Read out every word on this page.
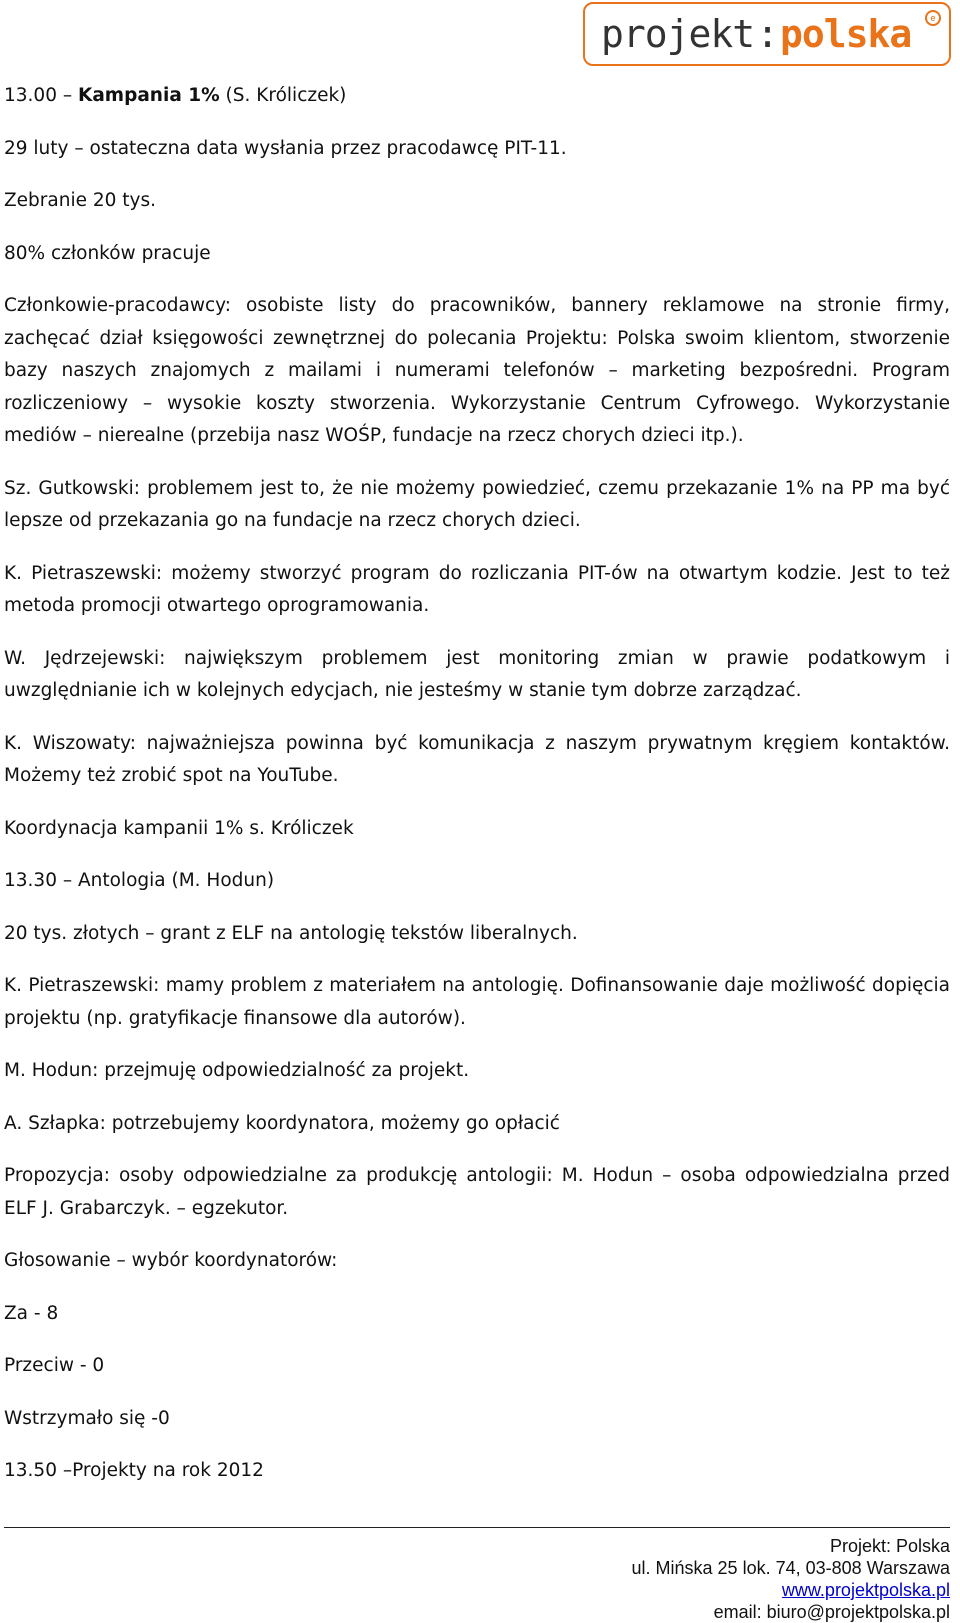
projekt : polska	e

13.00 – Kampania 1% (S. Króliczek)

29 luty – ostateczna data wysłania przez pracodawcę PIT-11.

Zebranie 20 tys.

80% członków pracuje

Członkowie-pracodawcy: osobiste listy do pracowników, bannery reklamowe na stronie firmy, zachęcać dział księgowości zewnętrznej do polecania Projektu: Polska swoim klientom, stworzenie bazy naszych znajomych z mailami i numerami telefonów – marketing bezpośredni. Program rozliczeniowy – wysokie koszty stworzenia. Wykorzystanie Centrum Cyfrowego. Wykorzystanie mediów – nierealne (przebija nasz WOŚP, fundacje na rzecz chorych dzieci itp.).

Sz. Gutkowski: problemem jest to, że nie możemy powiedzieć, czemu przekazanie 1% na PP ma być lepsze od przekazania go na fundacje na rzecz chorych dzieci.

K. Pietraszewski: możemy stworzyć program do rozliczania PIT-ów na otwartym kodzie. Jest to też metoda promocji otwartego oprogramowania.

W. Jędrzejewski: największym problemem jest monitoring zmian w prawie podatkowym i uwzględnianie ich w kolejnych edycjach, nie jesteśmy w stanie tym dobrze zarządzać.

K. Wiszowaty: najważniejsza powinna być komunikacja z naszym prywatnym kręgiem kontaktów. Możemy też zrobić spot na YouTube.

Koordynacja kampanii 1% s. Króliczek

13.30 – Antologia (M. Hodun)

20 tys. złotych – grant z ELF na antologię tekstów liberalnych.

K. Pietraszewski: mamy problem z materiałem na antologię. Dofinansowanie daje możliwość dopięcia projektu (np. gratyfikacje finansowe dla autorów).

M. Hodun: przejmuję odpowiedzialność za projekt.

A. Szłapka: potrzebujemy koordynatora, możemy go opłacić

Propozycja: osoby odpowiedzialne za produkcję antologii: M. Hodun – osoba odpowiedzialna przed ELF J. Grabarczyk. – egzekutor.

Głosowanie – wybór koordynatorów:

Za - 8

Przeciw - 0

Wstrzymało się -0

13.50 –Projekty na rok 2012

Projekt: Polska
ul. Mińska 25 lok. 74, 03-808 Warszawa
www.projektpolska.pl
email: biuro@projektpolska.pl
